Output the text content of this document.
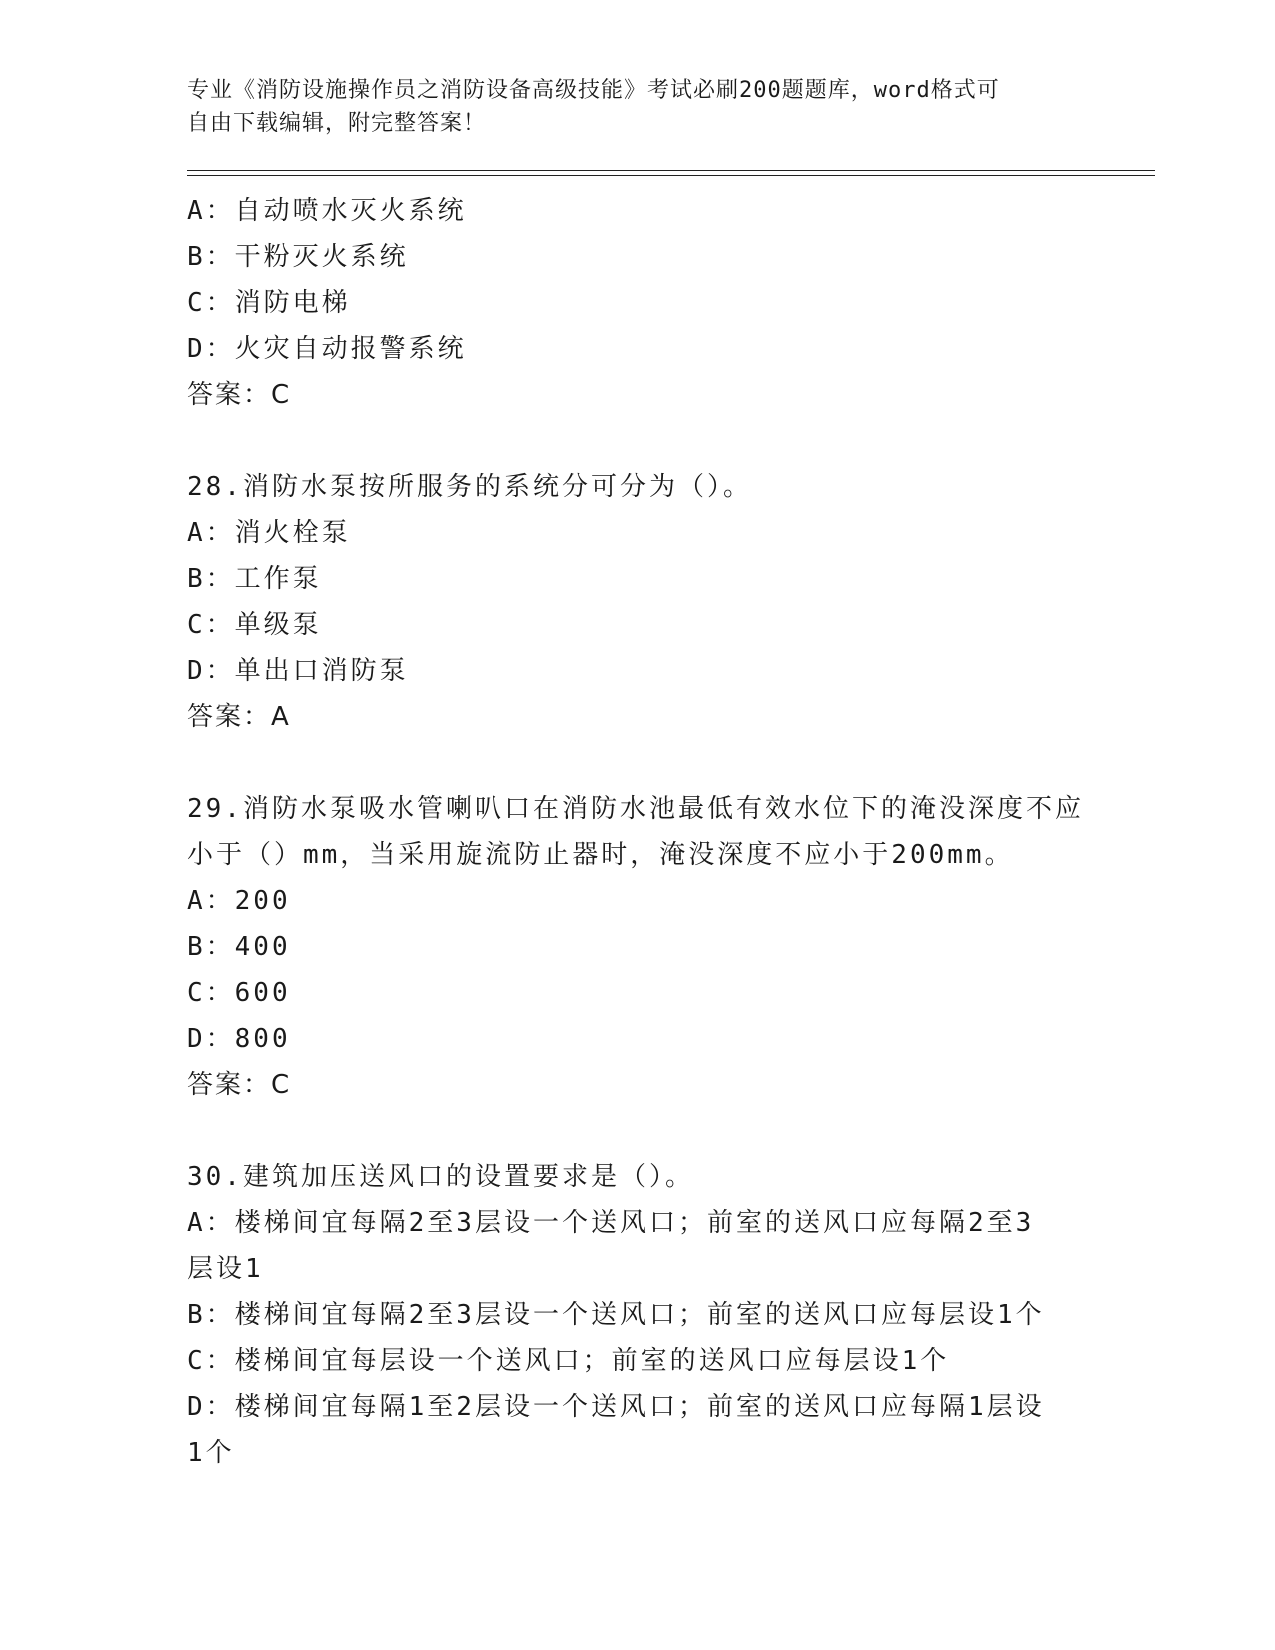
专业《消防设施操作员之消防设备高级技能》考试必刷200题题库，word格式可
自由下载编辑，附完整答案！
A：自动喷水灭火系统
B：干粉灭火系统
C：消防电梯
D：火灾自动报警系统
答案：C
28.消防水泵按所服务的系统分可分为（）。
A：消火栓泵
B：工作泵
C：单级泵
D：单出口消防泵
答案：A
29.消防水泵吸水管喇叭口在消防水池最低有效水位下的淹没深度不应
小于（）mm，当采用旋流防止器时，淹没深度不应小于200mm。
A：200
B：400
C：600
D：800
答案：C
30.建筑加压送风口的设置要求是（）。
A：楼梯间宜每隔2至3层设一个送风口；前室的送风口应每隔2至3
层设1
B：楼梯间宜每隔2至3层设一个送风口；前室的送风口应每层设1个
C：楼梯间宜每层设一个送风口；前室的送风口应每层设1个
D：楼梯间宜每隔1至2层设一个送风口；前室的送风口应每隔1层设
1个
